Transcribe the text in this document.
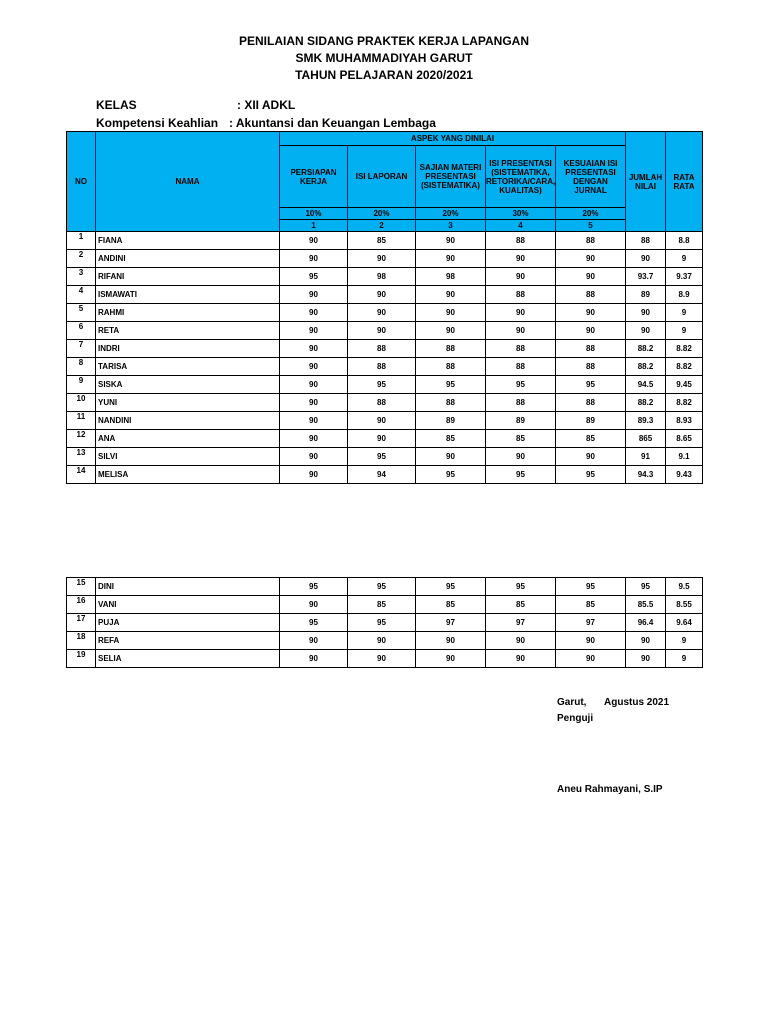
PENILAIAN SIDANG PRAKTEK KERJA LAPANGAN
SMK MUHAMMADIYAH GARUT
TAHUN PELAJARAN 2020/2021
KELAS	: XII ADKL
Kompetensi Keahlian : Akuntansi dan Keuangan Lembaga
NO	NAMA	ASPEK YANG DINILAI					JUMLAH NILAI	RATA RATA
		PERSIAPAN KERJA	ISI LAPORAN	SAJIAN MATERI PRESENTASI (SISTEMATIKA)	ISI PRESENTASI (SISTEMATIKA, RETORIKA/CARA, KUALITAS)	KESUAIAN ISI PRESENTASI DENGAN JURNAL		
		10%	20%	20%	30%	20%		
		1	2	3	4	5		
1	FIANA	90	85	90	88	88	88	8.8
2	ANDINI	90	90	90	90	90	90	9
3	RIFANI	95	98	98	90	90	93.7	9.37
4	ISMAWATI	90	90	90	88	88	89	8.9
5	RAHMI	90	90	90	90	90	90	9
6	RETA	90	90	90	90	90	90	9
7	INDRI	90	88	88	88	88	88.2	8.82
8	TARISA	90	88	88	88	88	88.2	8.82
9	SISKA	90	95	95	95	95	94.5	9.45
10	YUNI	90	88	88	88	88	88.2	8.82
11	NANDINI	90	90	89	89	89	89.3	8.93
12	ANA	90	90	85	85	85	865	8.65
13	SILVI	90	95	90	90	90	91	9.1
14	MELISA	90	94	95	95	95	94.3	9.43
15	DINI	95	95	95	95	95	95	9.5
16	VANI	90	85	85	85	85	85.5	8.55
17	PUJA	95	95	97	97	97	96.4	9.64
18	REFA	90	90	90	90	90	90	9
19	SELIA	90	90	90	90	90	90	9
Garut, Agustus 2021
Penguji
Aneu Rahmayani, S.IP
